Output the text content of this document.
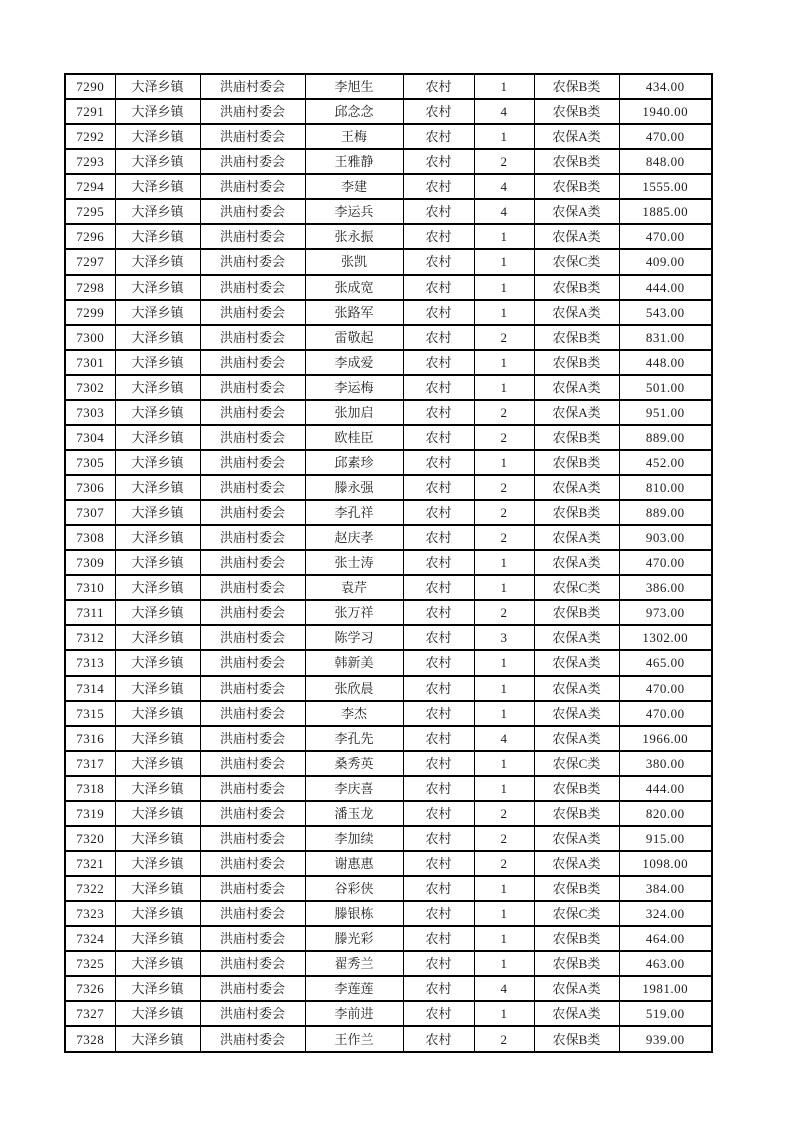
7290	大泽乡镇	洪庙村委会	李旭生	农村	1	农保B类	434.00
7291	大泽乡镇	洪庙村委会	邱念念	农村	4	农保B类	1940.00
7292	大泽乡镇	洪庙村委会	王梅	农村	1	农保A类	470.00
7293	大泽乡镇	洪庙村委会	王雅静	农村	2	农保B类	848.00
7294	大泽乡镇	洪庙村委会	李建	农村	4	农保B类	1555.00
7295	大泽乡镇	洪庙村委会	李运兵	农村	4	农保A类	1885.00
7296	大泽乡镇	洪庙村委会	张永振	农村	1	农保A类	470.00
7297	大泽乡镇	洪庙村委会	张凯	农村	1	农保C类	409.00
7298	大泽乡镇	洪庙村委会	张成宽	农村	1	农保B类	444.00
7299	大泽乡镇	洪庙村委会	张路军	农村	1	农保A类	543.00
7300	大泽乡镇	洪庙村委会	雷敬起	农村	2	农保B类	831.00
7301	大泽乡镇	洪庙村委会	李成爱	农村	1	农保B类	448.00
7302	大泽乡镇	洪庙村委会	李运梅	农村	1	农保A类	501.00
7303	大泽乡镇	洪庙村委会	张加启	农村	2	农保A类	951.00
7304	大泽乡镇	洪庙村委会	欧桂臣	农村	2	农保B类	889.00
7305	大泽乡镇	洪庙村委会	邱素珍	农村	1	农保B类	452.00
7306	大泽乡镇	洪庙村委会	滕永强	农村	2	农保A类	810.00
7307	大泽乡镇	洪庙村委会	李孔祥	农村	2	农保B类	889.00
7308	大泽乡镇	洪庙村委会	赵庆孝	农村	2	农保A类	903.00
7309	大泽乡镇	洪庙村委会	张士涛	农村	1	农保A类	470.00
7310	大泽乡镇	洪庙村委会	袁芹	农村	1	农保C类	386.00
7311	大泽乡镇	洪庙村委会	张万祥	农村	2	农保B类	973.00
7312	大泽乡镇	洪庙村委会	陈学习	农村	3	农保A类	1302.00
7313	大泽乡镇	洪庙村委会	韩新美	农村	1	农保A类	465.00
7314	大泽乡镇	洪庙村委会	张欣晨	农村	1	农保A类	470.00
7315	大泽乡镇	洪庙村委会	李杰	农村	1	农保A类	470.00
7316	大泽乡镇	洪庙村委会	李孔先	农村	4	农保A类	1966.00
7317	大泽乡镇	洪庙村委会	桑秀英	农村	1	农保C类	380.00
7318	大泽乡镇	洪庙村委会	李庆喜	农村	1	农保B类	444.00
7319	大泽乡镇	洪庙村委会	潘玉龙	农村	2	农保B类	820.00
7320	大泽乡镇	洪庙村委会	李加续	农村	2	农保A类	915.00
7321	大泽乡镇	洪庙村委会	谢惠惠	农村	2	农保A类	1098.00
7322	大泽乡镇	洪庙村委会	谷彩侠	农村	1	农保B类	384.00
7323	大泽乡镇	洪庙村委会	滕银栋	农村	1	农保C类	324.00
7324	大泽乡镇	洪庙村委会	滕光彩	农村	1	农保B类	464.00
7325	大泽乡镇	洪庙村委会	翟秀兰	农村	1	农保B类	463.00
7326	大泽乡镇	洪庙村委会	李莲莲	农村	4	农保A类	1981.00
7327	大泽乡镇	洪庙村委会	李前进	农村	1	农保A类	519.00
7328	大泽乡镇	洪庙村委会	王作兰	农村	2	农保B类	939.00
